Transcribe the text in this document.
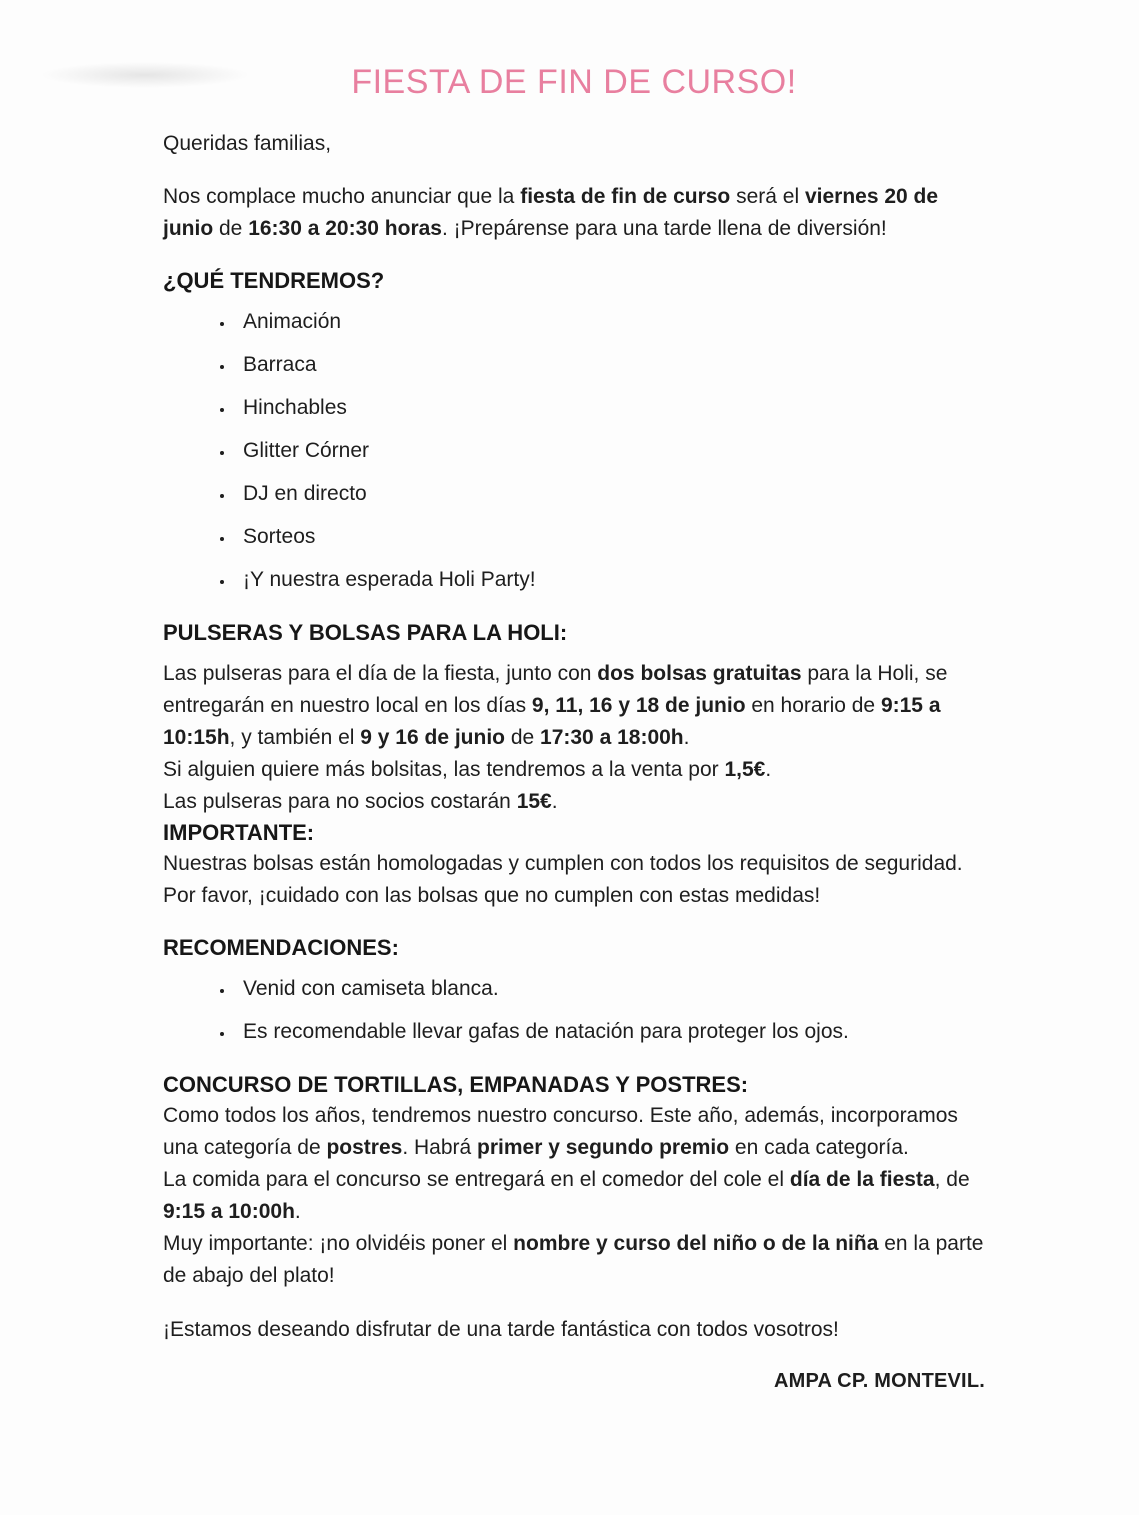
FIESTA DE FIN DE CURSO!

Queridas familias,

Nos complace mucho anunciar que la fiesta de fin de curso será el viernes 20 de junio de 16:30 a 20:30 horas. ¡Prepárense para una tarde llena de diversión!

¿QUÉ TENDREMOS?
• Animación
• Barraca
• Hinchables
• Glitter Córner
• DJ en directo
• Sorteos
• ¡Y nuestra esperada Holi Party!
PULSERAS Y BOLSAS PARA LA HOLI:
Las pulseras para el día de la fiesta, junto con dos bolsas gratuitas para la Holi, se entregarán en nuestro local en los días 9, 11, 16 y 18 de junio en horario de 9:15 a 10:15h, y también el 9 y 16 de junio de 17:30 a 18:00h.
Si alguien quiere más bolsitas, las tendremos a la venta por 1,5€.
Las pulseras para no socios costarán 15€.
IMPORTANTE:

Nuestras bolsas están homologadas y cumplen con todos los requisitos de seguridad. Por favor, ¡cuidado con las bolsas que no cumplen con estas medidas!

RECOMENDACIONES:
• Venid con camiseta blanca.
• Es recomendable llevar gafas de natación para proteger los ojos.
CONCURSO DE TORTILLAS, EMPANADAS Y POSTRES:
Como todos los años, tendremos nuestro concurso. Este año, además, incorporamos una categoría de postres. Habrá primer y segundo premio en cada categoría.
La comida para el concurso se entregará en el comedor del cole el día de la fiesta, de 9:15 a 10:00h.
Muy importante: ¡no olvidéis poner el nombre y curso del niño o de la niña en la parte de abajo del plato!

¡Estamos deseando disfrutar de una tarde fantástica con todos vosotros!

AMPA CP. MONTEVIL.
